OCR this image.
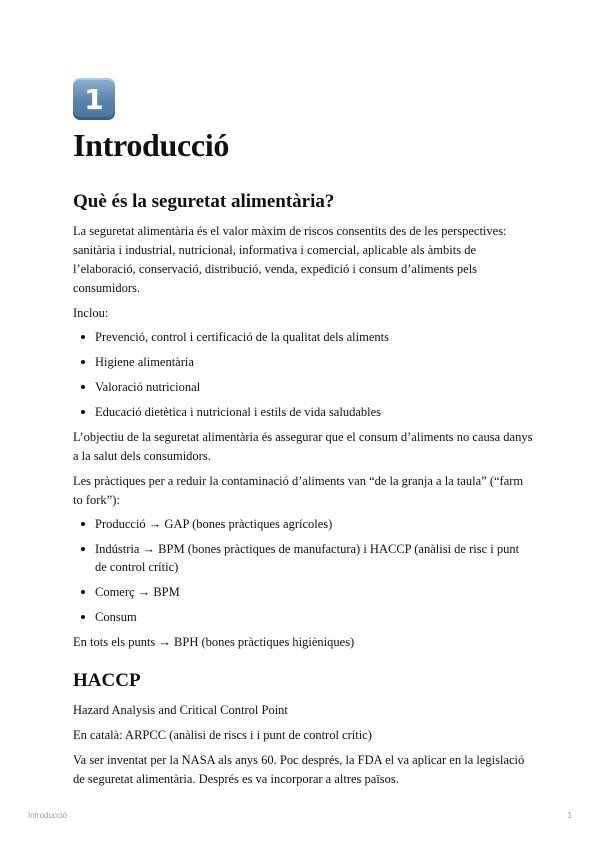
1
Introducció
Què és la seguretat alimentària?

La seguretat alimentària és el valor màxim de riscos consentits des de les perspectives: sanitària i industrial, nutricional, informativa i comercial, aplicable als àmbits de l’elaboració, conservació, distribució, venda, expedició i consum d’aliments pels consumidors.

Inclou:

Prevenció, control i certificació de la qualitat dels aliments
Higiene alimentària
Valoració nutricional
Educació dietètica i nutricional i estils de vida saludables

L’objectiu de la seguretat alimentària és assegurar que el consum d’aliments no causa danys a la salut dels consumidors.

Les pràctiques per a reduir la contaminació d’aliments van “de la granja a la taula” (“farm to fork”):

Producció → GAP (bones pràctiques agrícoles)
Indústria → BPM (bones pràctiques de manufactura) i HACCP (anàlisi de risc i punt de control crític)
Comerç → BPM
Consum

En tots els punts → BPH (bones pràctiques higièniques)

HACCP

Hazard Analysis and Critical Control Point

En català: ARPCC (anàlisi de riscs i i punt de control crític)

Va ser inventat per la NASA als anys 60. Poc després, la FDA el va aplicar en la legislació de seguretat alimentària. Després es va incorporar a altres països.

Introducció	1
